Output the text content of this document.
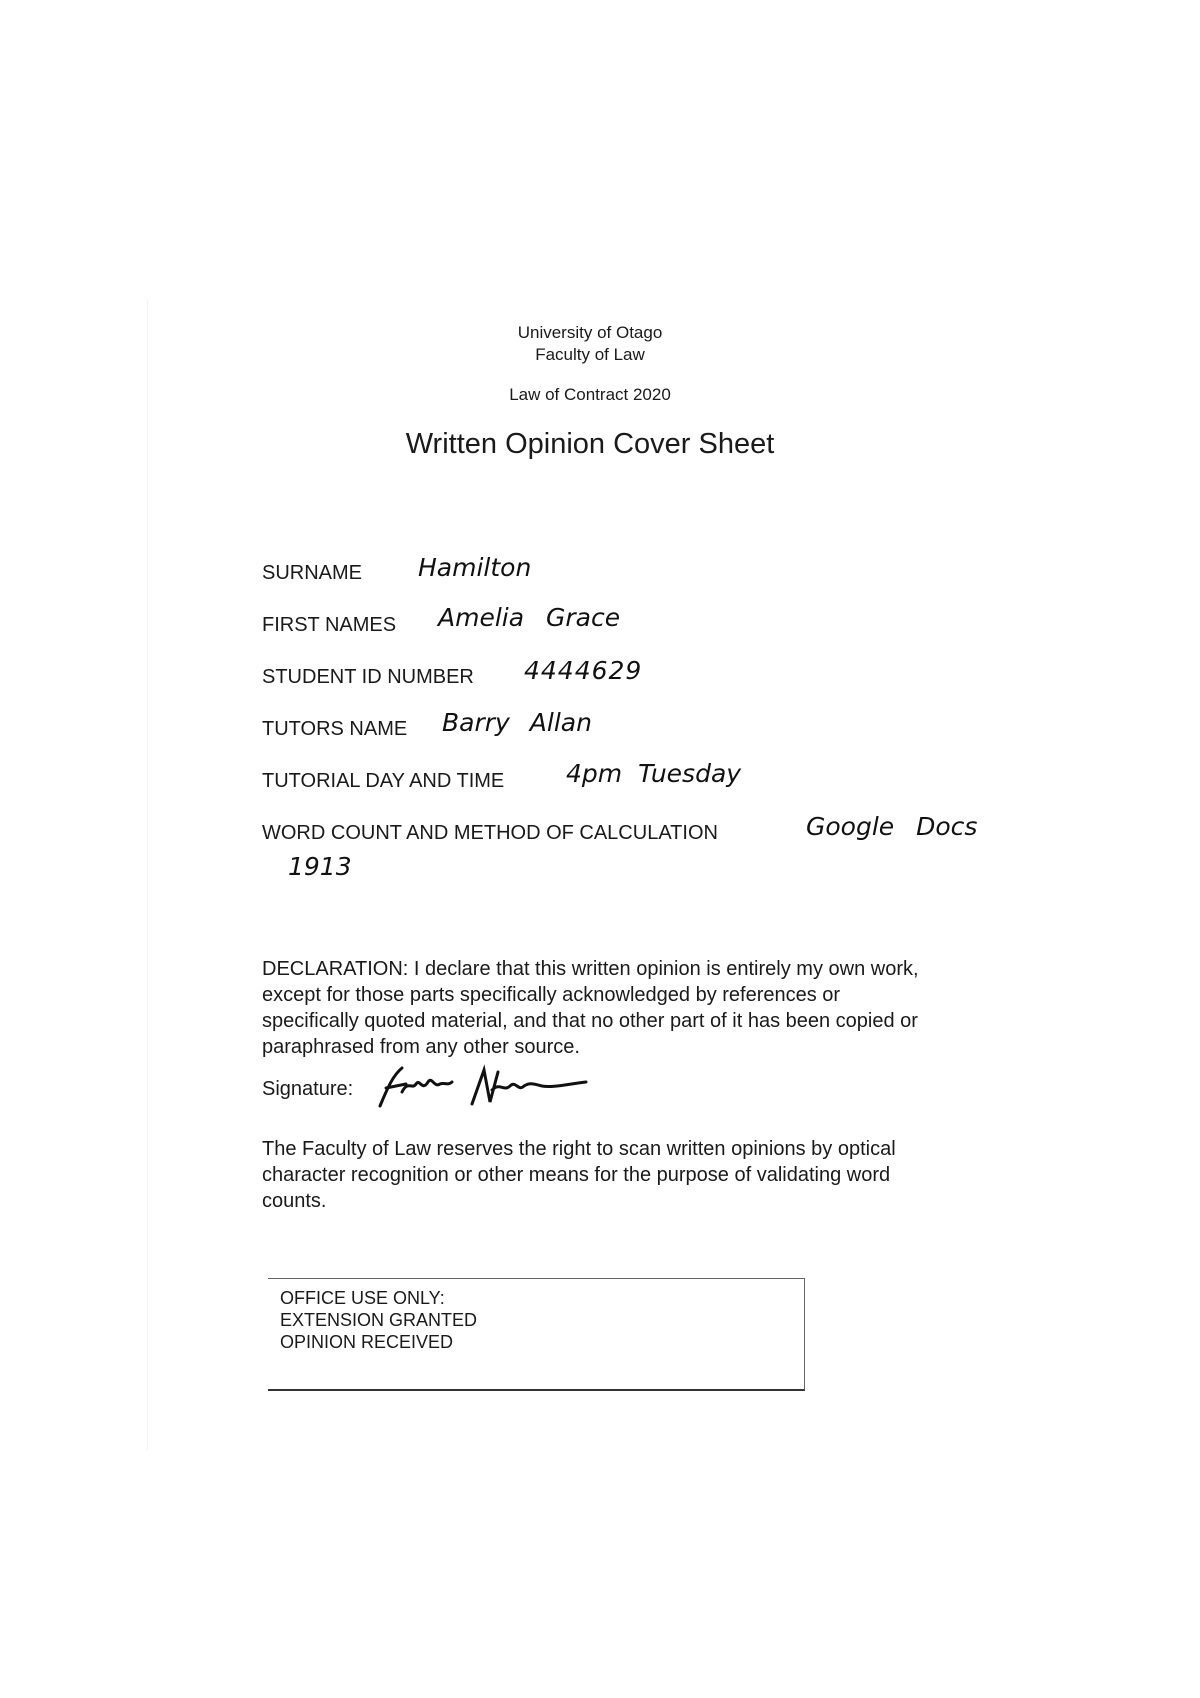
University of Otago
Faculty of Law
Law of Contract 2020
Written Opinion Cover Sheet
SURNAME Hamilton
FIRST NAMES Amelia Grace
STUDENT ID NUMBER 4444629
TUTORS NAME Barry Allan
TUTORIAL DAY AND TIME 4pm Tuesday
WORD COUNT AND METHOD OF CALCULATION	Google Docs
1913
DECLARATION: I declare that this written opinion is entirely my own work, except for those parts specifically acknowledged by references or specifically quoted material, and that no other part of it has been copied or paraphrased from any other source.
Signature:
The Faculty of Law reserves the right to scan written opinions by optical character recognition or other means for the purpose of validating word counts.
OFFICE USE ONLY:
EXTENSION GRANTED
OPINION RECEIVED
